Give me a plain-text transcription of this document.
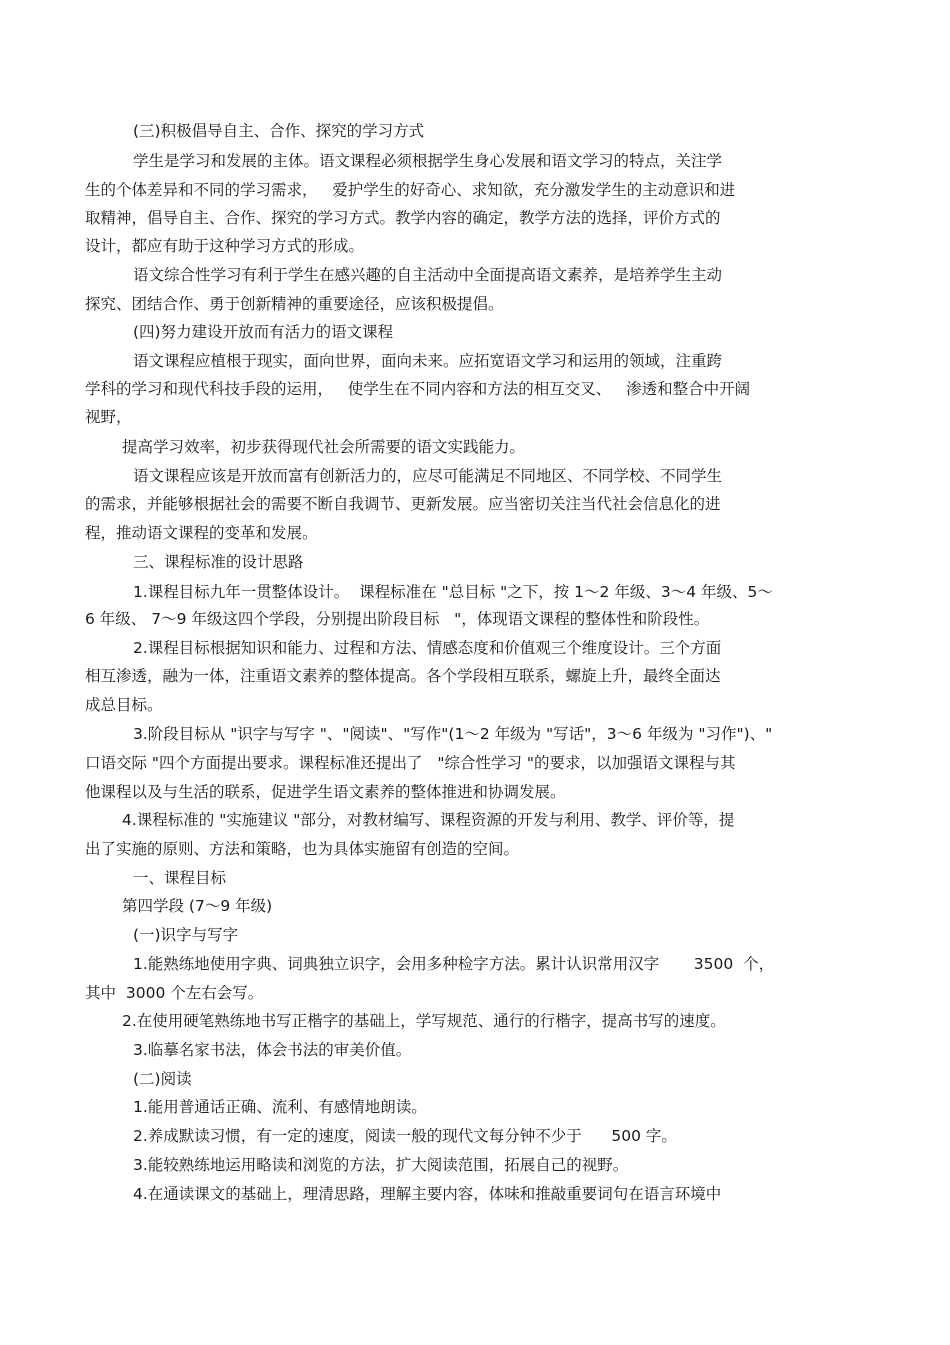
(三)积极倡导自主、合作、探究的学习方式
学生是学习和发展的主体。语文课程必须根据学生身心发展和语文学习的特点，关注学
生的个体差异和不同的学习需求，   爱护学生的好奇心、求知欲，充分激发学生的主动意识和进
取精神，倡导自主、合作、探究的学习方式。教学内容的确定，教学方法的选择，评价方式的
设计，都应有助于这种学习方式的形成。
语文综合性学习有利于学生在感兴趣的自主活动中全面提高语文素养，是培养学生主动
探究、团结合作、勇于创新精神的重要途径，应该积极提倡。
(四)努力建设开放而有活力的语文课程
语文课程应植根于现实，面向世界，面向未来。应拓宽语文学习和运用的领域，注重跨
学科的学习和现代科技手段的运用，   使学生在不同内容和方法的相互交叉、   渗透和整合中开阔
视野，
提高学习效率，初步获得现代社会所需要的语文实践能力。
语文课程应该是开放而富有创新活力的，应尽可能满足不同地区、不同学校、不同学生
的需求，并能够根据社会的需要不断自我调节、更新发展。应当密切关注当代社会信息化的进
程，推动语文课程的变革和发展。
三、课程标准的设计思路
1.课程目标九年一贯整体设计。  课程标准在 "总目标 "之下，按 1～2 年级、3～4 年级、5～
6 年级、 7～9 年级这四个学段，分别提出阶段目标   "，体现语文课程的整体性和阶段性。
2.课程目标根据知识和能力、过程和方法、情感态度和价值观三个维度设计。三个方面
相互渗透，融为一体，注重语文素养的整体提高。各个学段相互联系，螺旋上升，最终全面达
成总目标。
3.阶段目标从 "识字与写字 "、"阅读"、"写作"(1～2 年级为 "写话"，3～6 年级为 "习作")、"
口语交际 "四个方面提出要求。课程标准还提出了   "综合性学习 "的要求，以加强语文课程与其
他课程以及与生活的联系，促进学生语文素养的整体推进和协调发展。
4.课程标准的 "实施建议 "部分，对教材编写、课程资源的开发与利用、教学、评价等，提
出了实施的原则、方法和策略，也为具体实施留有创造的空间。
一、课程目标
第四学段 (7～9 年级)
(一)识字与写字
1.能熟练地使用字典、词典独立识字，会用多种检字方法。累计认识常用汉字       3500  个，
其中  3000 个左右会写。
2.在使用硬笔熟练地书写正楷字的基础上，学写规范、通行的行楷字，提高书写的速度。
3.临摹名家书法，体会书法的审美价值。
(二)阅读
1.能用普通话正确、流利、有感情地朗读。
2.养成默读习惯，有一定的速度，阅读一般的现代文每分钟不少于      500 字。
3.能较熟练地运用略读和浏览的方法，扩大阅读范围，拓展自己的视野。
4.在通读课文的基础上，理清思路，理解主要内容，体味和推敲重要词句在语言环境中
